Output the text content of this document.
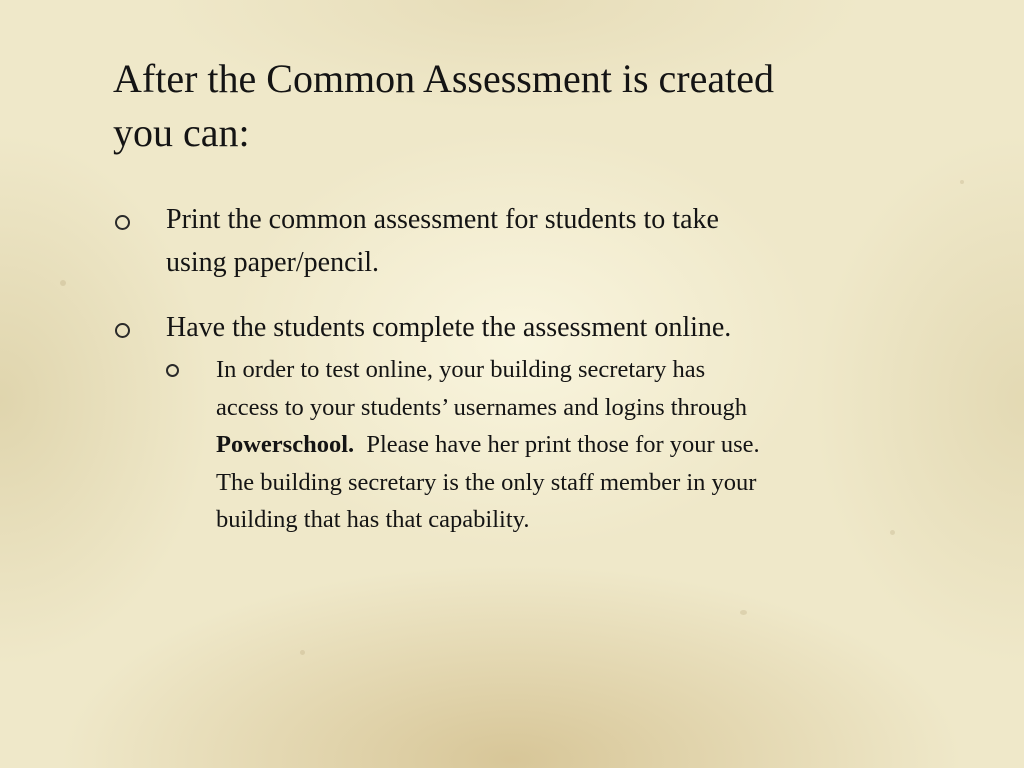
After the Common Assessment is created
you can:
Print the common assessment for students to take
using paper/pencil.
Have the students complete the assessment online.
In order to test online, your building secretary has
access to your students’ usernames and logins through
Powerschool.  Please have her print those for your use.
The building secretary is the only staff member in your
building that has that capability.
